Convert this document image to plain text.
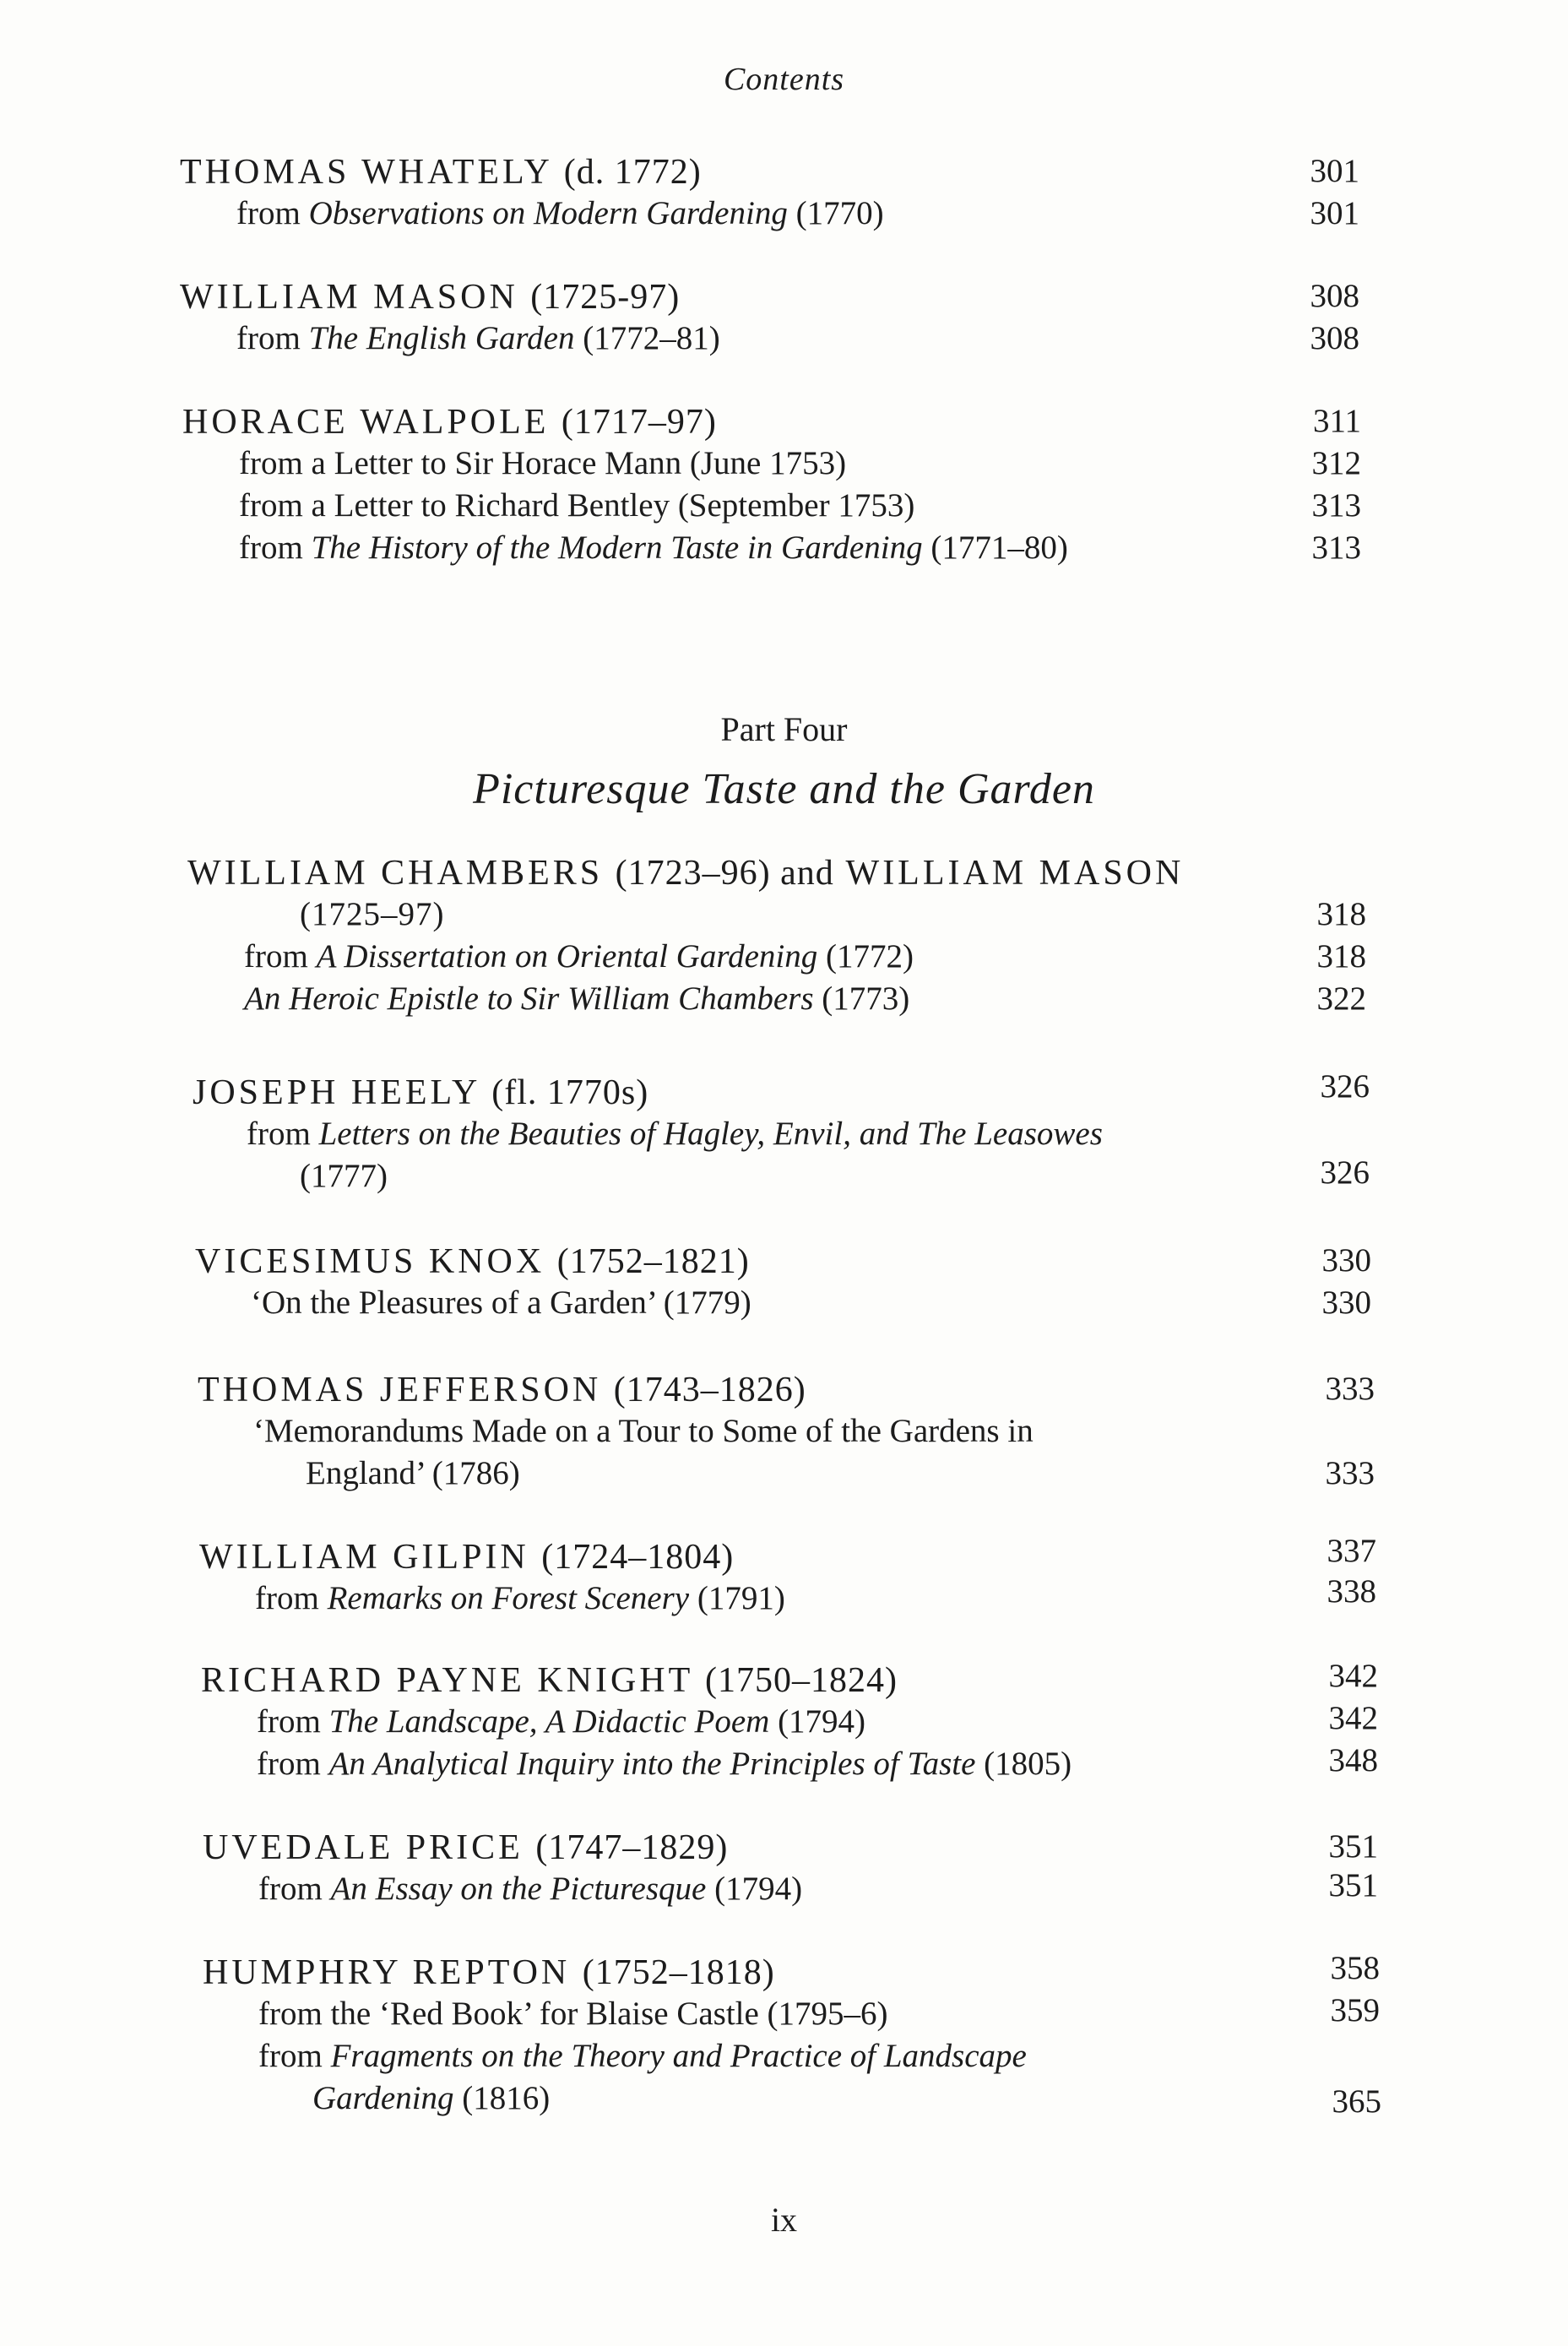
Contents
THOMAS WHATELY (d. 1772)	301
from Observations on Modern Gardening (1770)	301
WILLIAM MASON (1725-97)	308
from The English Garden (1772–81)	308
HORACE WALPOLE (1717–97)	311
from a Letter to Sir Horace Mann (June 1753)	312
from a Letter to Richard Bentley (September 1753)	313
from The History of the Modern Taste in Gardening (1771–80)	313
Part Four
Picturesque Taste and the Garden
WILLIAM CHAMBERS (1723–96) and WILLIAM MASON
(1725–97)	318
from A Dissertation on Oriental Gardening (1772)	318
An Heroic Epistle to Sir William Chambers (1773)	322
JOSEPH HEELY (fl. 1770s)	326
from Letters on the Beauties of Hagley, Envil, and The Leasowes
(1777)	326
VICESIMUS KNOX (1752–1821)	330
‘On the Pleasures of a Garden’ (1779)	330
THOMAS JEFFERSON (1743–1826)	333
‘Memorandums Made on a Tour to Some of the Gardens in
England’ (1786)	333
WILLIAM GILPIN (1724–1804)	337
from Remarks on Forest Scenery (1791)	338
RICHARD PAYNE KNIGHT (1750–1824)	342
from The Landscape, A Didactic Poem (1794)	342
from An Analytical Inquiry into the Principles of Taste (1805)	348
UVEDALE PRICE (1747–1829)	351
from An Essay on the Picturesque (1794)	351
HUMPHRY REPTON (1752–1818)	358
from the ‘Red Book’ for Blaise Castle (1795–6)	359
from Fragments on the Theory and Practice of Landscape
Gardening (1816)	365
ix
